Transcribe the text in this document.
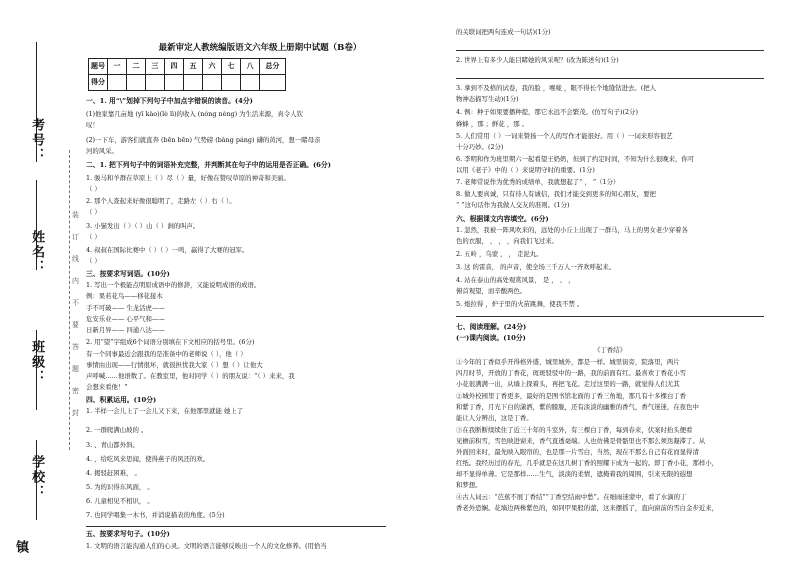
考号：
姓名：
班级：
学校：
镇
装
订
线
内
不
要
答
题
密
封
最新审定人教统编版语文六年级上册期中试题（B卷）
题号	一	二	三	四	五	六	七	八	总分
得分									
一、1. 用“\”划掉下列句子中加点字错误的读音。(4分)
(1)他家靠几亩地 (yī kào)(lè lì)的收入 (nóng nèng) 为生活来源，真令人钦
叹！
(2)一下车，游客们就直奔 (bēn bēn) 气势磅 (bàng páng) 礴的黄河，想一睹母亲
河的风采。
二、1. 把下列句子中的词语补充完整，并判断其在句子中的运用是否正确。(6分)
1. 骏马和羊群在草原上（ ）尽（ ）量，好像在赞叹草原的神奇和美丽。
（ ）
2. 那个人查起来好像很聪明了，走路左（ ）右（ ）。
（ ）
3. 小猫发出（ ）（ ）山（ ）涧的叫声。
（ ）
4. 叔叔在国际比赛中（ ）（ ）一鸣，赢得了大赛的冠军。
（ ）
三、按要求写词语。(10分)
1. 写出一个极能点明原成语中的修辞，又能说明成语的成语。
例：果若花鸟——移花接木
手不可破—— 生龙活虎——
危安乐业—— 心平气和——
日新月异—— 四通八达——
2. 用“望”字组成6个词语分别填在下文相应的括号里。(6分)
有一个同事最近会跟我的是准备中的老师说（ ），他（ ）
事情由出现——行情很坏，就很担忧我大家（ ）想（ ）让他大
声呼喊……他语数了。在教室里，他对同学（ ）的朋友说：“（ ）来来，我
会想来看他！”
四、积累运用。(10分)
1. 半样一会儿上了一会儿又下来，在他那里就能 她上了
2. 一群爬满山坡的 。
3. 、青山都外斜。
4. ，给吃风来思闻，使得燕子的风还的欢。
4. 揭驳赶困难， 。
5. 为的识得东风面， 。
6. 儿童相见不相识， 。
7. 也同学唱集一木书，并消说描表的角度。(5分)
五、按要求写句子。(10分)
1. 文明的语言能沟通人们的心灵。文明的语言能够反映出一个人的文化修养。(用恰当
的关联词把两句连成一句话)(1分)
2. 世界上有多少人能目睹她的风采呢？(改为陈述句)(1分)
3. 拿到不及格的试卷，我的脸 ，喉咙 ，眼不得长个地缝钻进去。(把人
物神态描写生动)(1分)
4. 例：种子如果要播种提，那它永远不会繁茂。(仿写句子)(2分)
蜂蜂 ，那 ；鲜花 ，那 。
5. 人们常用（ ）一词来赞扬一个人的写作才能很好。用（ ）一词来形容很艺
十分巧妙。(2分)
6. 李明和作为班里期六一起看望王奶奶，但到了约定时间，不知为什么很晚来，你可
以用《老子》中的（ ）来说明守时的重要。(1分)
7. 老师常说作为优秀的成绩单，我就想起了“ ， ”（1分）
8. 做人要真诚，只有待人有诚信，我们才能交到更多的知心朋友，要把
“ ”这句话作为我做人交友的准则。(1分)
六、根据课文内容填空。(6分)
1. 忽然，我被一阵风吹来的，远处的小丘上出现了一群马，马上的男女老少穿着各
色的衣服， ， ， ，向我们飞过来。
2. 五岭 ，乌蒙 ， ， 走泥丸。
3. 这 的雷音， 的声音，使全场三千万人一齐欢呼起来。
4. 站在泰山的高处观赏风景， 是 ， 、 ，
俯首观望，而辛酸两色。
5. 炮拉得 ，炉子里的火苗跳舞，使我不禁 。
七、阅读理解。(24分)
(一)课内阅读。(10分)
《丁香结》
①今年的丁香似乎开得格外盛，城里城外，都是一样。城里街旁，院落里，两片
四月时节，开放的丁香花，斑斑驳驳中的一路，我的前面有红。最喜欢丁香花小雪
小花很满满一出，从墙上探着头，再把飞花。走过这里的一路，就觉得人们尤其
②城外校园里丁香更多，最好的是图书馆北面的丁香三角地，那几有十多棵白丁香
和紫丁香，月光下白的潇洒，紫的朦胧，还有淡淡的幽雅的香气，香气迷迷，在夜色中
能让人分辨出，这是丁香。
③在我断断续续住了近三十年的斗室外，有三棵白丁香，每到春来，伏案时抬头便看
见檐前积雪，雪色映进窗来，香气直透毫端。人也仿佛是骨骼里也不那么须迭凝滞了。从
外面回来时，最先映入眼帘的，也是那一片雪白，当然，现在不那么自己有花而显得清
红纸。我经历过的春光，几乎就是在这几树丁香的照耀下成为一起的。即丁香小花，那样小，
却不显得单薄。它是那样……生气，淡淡的柔情，遮掩着我的周围，引来无限的遐想
和梦想。
④古人词云：“芭蕉不展丁香结”“丁香空结雨中愁”。在细雨迷蒙中，看了水滴的丁
香老外恐娴。花墙边两株紫色的，如同甲果般的蕾，这来摆摇了，直向窗前的雪白金步近来，
